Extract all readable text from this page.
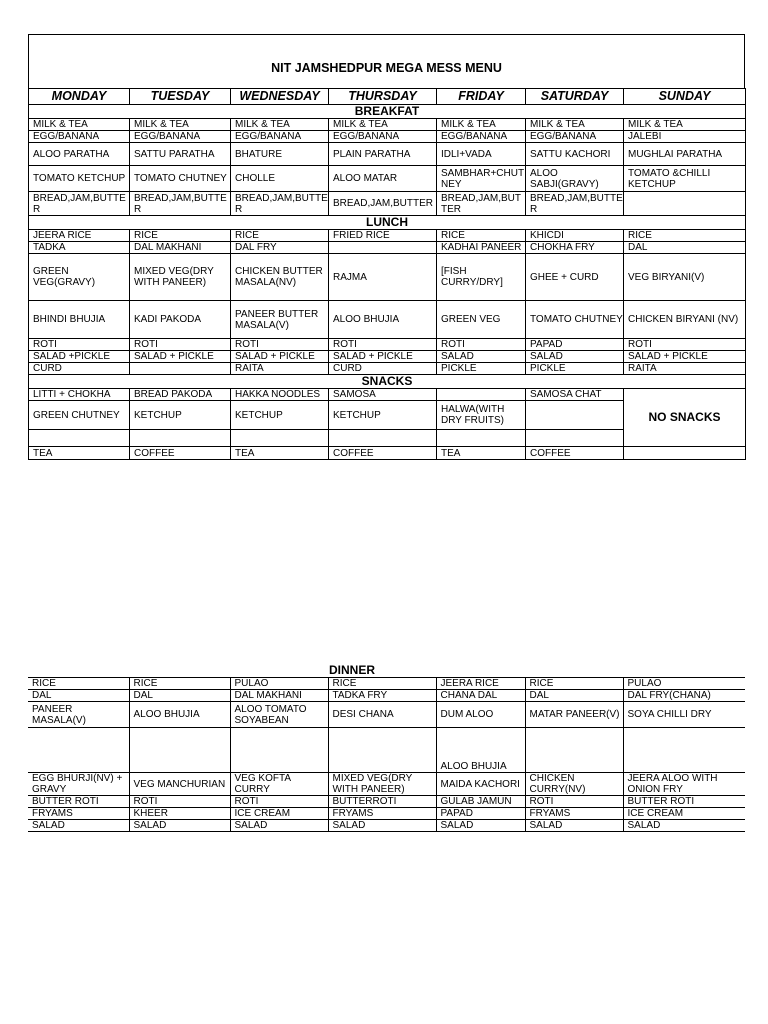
NIT JAMSHEDPUR MEGA MESS MENU
MONDAY	TUESDAY	WEDNESDAY	THURSDAY	FRIDAY	SATURDAY	SUNDAY
BREAKFAT						
MILK & TEA	MILK & TEA	MILK & TEA	MILK & TEA	MILK & TEA	MILK & TEA	MILK & TEA
EGG/BANANA	EGG/BANANA	EGG/BANANA	EGG/BANANA	EGG/BANANA	EGG/BANANA	JALEBI
ALOO PARATHA	SATTU PARATHA	BHATURE	PLAIN PARATHA	IDLI+VADA	SATTU KACHORI	MUGHLAI PARATHA
TOMATO KETCHUP	TOMATO CHUTNEY	CHOLLE	ALOO MATAR	SAMBHAR+CHUTNEY	ALOO SABJI(GRAVY)	TOMATO &CHILLI KETCHUP
BREAD,JAM,BUTTER	BREAD,JAM,BUTTER	BREAD,JAM,BUTTER	BREAD,JAM,BUTTER	BREAD,JAM,BUTTER	BREAD,JAM,BUTTER	
LUNCH						
JEERA RICE	RICE	RICE	FRIED RICE	RICE	KHICDI	RICE
TADKA	DAL MAKHANI	DAL FRY		KADHAI PANEER	CHOKHA FRY	DAL
GREEN VEG(GRAVY)	MIXED VEG(DRY WITH PANEER)	CHICKEN BUTTER MASALA(NV)	RAJMA	[FISH CURRY/DRY]	GHEE + CURD	VEG BIRYANI(V)
BHINDI BHUJIA	KADI PAKODA	PANEER BUTTER MASALA(V)	ALOO BHUJIA	GREEN VEG	TOMATO CHUTNEY	CHICKEN BIRYANI (NV)
ROTI	ROTI	ROTI	ROTI	ROTI	PAPAD	ROTI
SALAD +PICKLE	SALAD + PICKLE	SALAD + PICKLE	SALAD + PICKLE	SALAD	SALAD	SALAD + PICKLE
CURD		RAITA	CURD	PICKLE	PICKLE	RAITA
SNACKS						
LITTI + CHOKHA	BREAD PAKODA	HAKKA NOODLES	SAMOSA		SAMOSA CHAT	NO SNACKS
GREEN CHUTNEY	KETCHUP	KETCHUP	KETCHUP	HALWA(WITH DRY FRUITS)		

TEA	COFFEE	TEA	COFFEE	TEA	COFFEE	
DINNER
RICE	RICE	PULAO	RICE	JEERA RICE	RICE	PULAO
DAL	DAL	DAL MAKHANI	TADKA FRY	CHANA DAL	DAL	DAL FRY(CHANA)
PANEER MASALA(V)	ALOO BHUJIA	ALOO TOMATO SOYABEAN	DESI CHANA	DUM ALOO	MATAR PANEER(V)	SOYA CHILLI DRY
				ALOO BHUJIA		
EGG BHURJI(NV) + GRAVY	VEG MANCHURIAN	VEG KOFTA CURRY	MIXED VEG(DRY WITH PANEER)	MAIDA KACHORI	CHICKEN CURRY(NV)	JEERA ALOO WITH ONION FRY
BUTTER ROTI	ROTI	ROTI	BUTTERROTI	GULAB JAMUN	ROTI	BUTTER ROTI
FRYAMS	KHEER	ICE CREAM	FRYAMS	PAPAD	FRYAMS	ICE CREAM
SALAD	SALAD	SALAD	SALAD	SALAD	SALAD	SALAD
